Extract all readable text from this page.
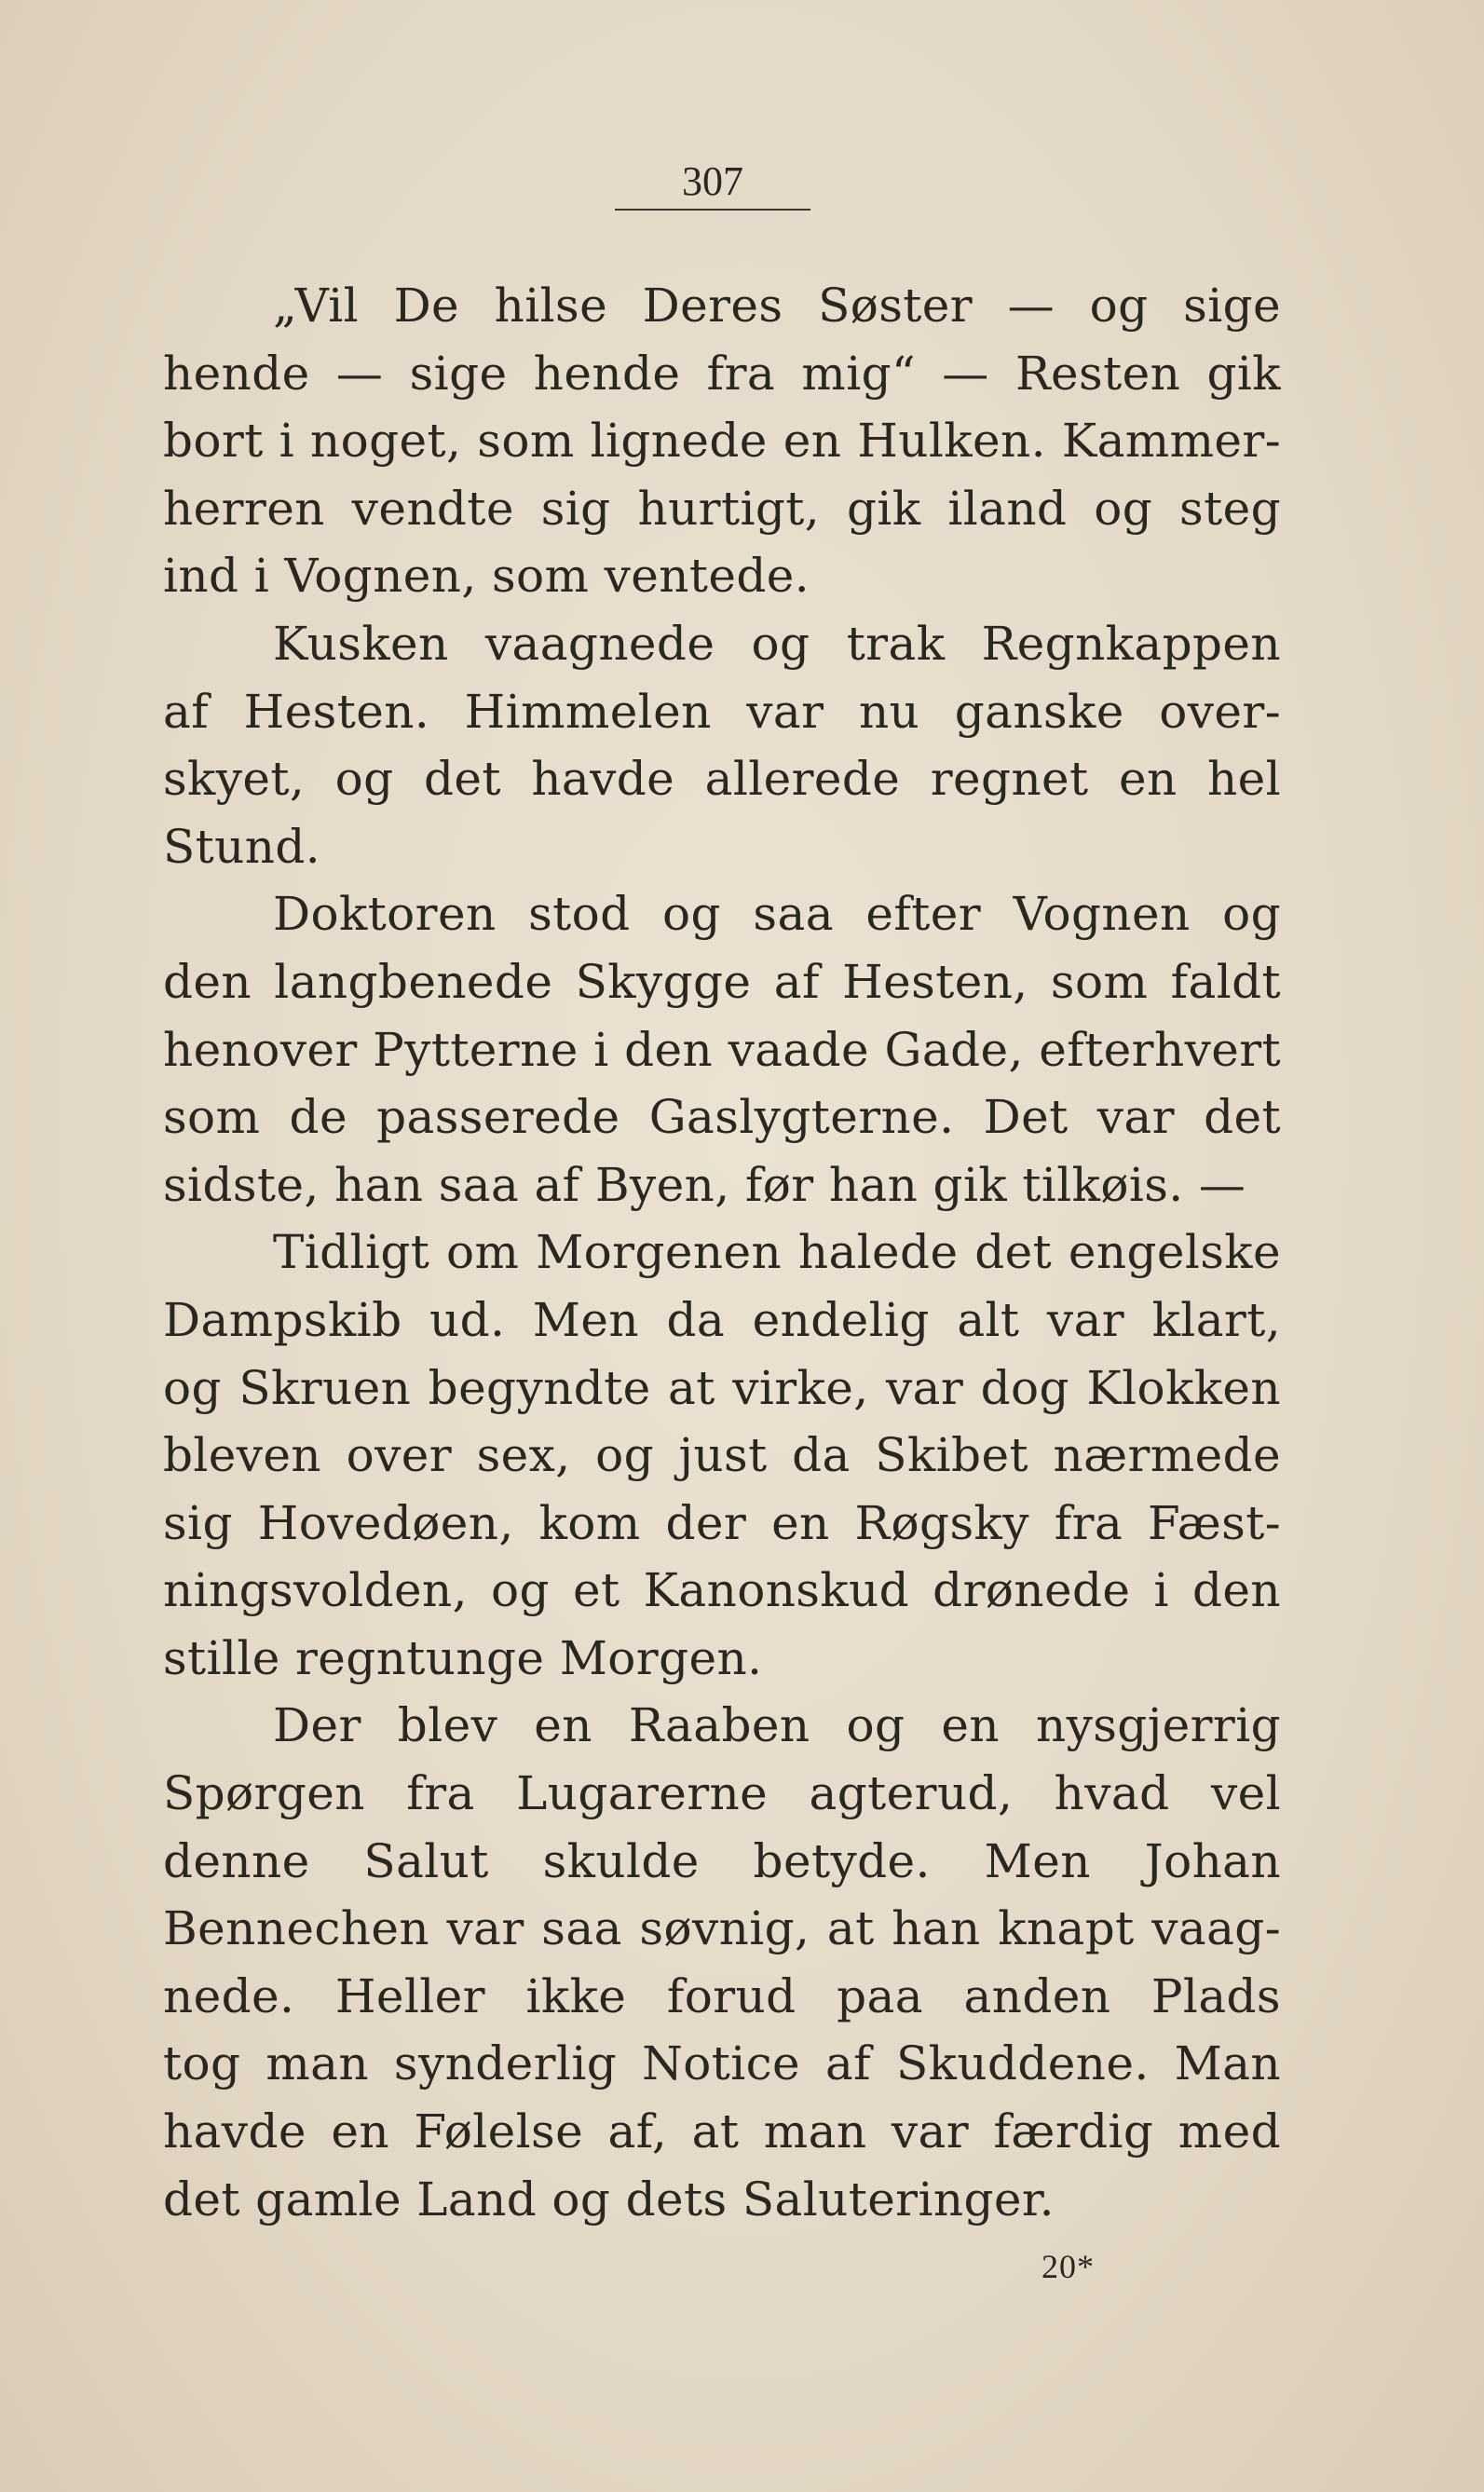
307
„Vil De hilse Deres Søster — og sige
hende — sige hende fra mig“ — Resten gik
bort i noget, som lignede en Hulken. Kammer-
herren vendte sig hurtigt, gik iland og steg
ind i Vognen, som ventede.
Kusken vaagnede og trak Regnkappen
af Hesten. Himmelen var nu ganske over-
skyet, og det havde allerede regnet en hel
Stund.
Doktoren stod og saa efter Vognen og
den langbenede Skygge af Hesten, som faldt
henover Pytterne i den vaade Gade, efterhvert
som de passerede Gaslygterne. Det var det
sidste, han saa af Byen, før han gik tilkøis. —
Tidligt om Morgenen halede det engelske
Dampskib ud. Men da endelig alt var klart,
og Skruen begyndte at virke, var dog Klokken
bleven over sex, og just da Skibet nærmede
sig Hovedøen, kom der en Røgsky fra Fæst-
ningsvolden, og et Kanonskud drønede i den
stille regntunge Morgen.
Der blev en Raaben og en nysgjerrig
Spørgen fra Lugarerne agterud, hvad vel
denne Salut skulde betyde. Men Johan
Bennechen var saa søvnig, at han knapt vaag-
nede. Heller ikke forud paa anden Plads
tog man synderlig Notice af Skuddene. Man
havde en Følelse af, at man var færdig med
det gamle Land og dets Saluteringer.
20*
